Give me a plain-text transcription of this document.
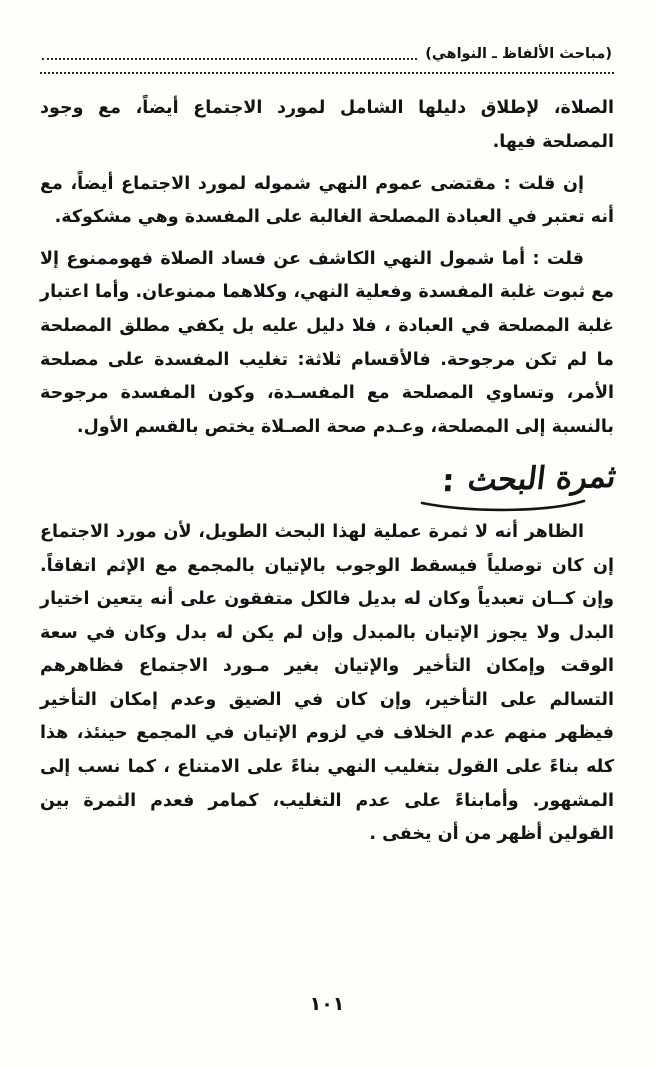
(مباحث الألفاظ ـ النواهي)

الصلاة، لإطلاق دليلها الشامل لمورد الاجتماع أيضاً، مع وجود المصلحة فيها.

إن قلت : مقتضى عموم النهي شموله لمورد الاجتماع أيضاً، مع أنه تعتبر في العبادة المصلحة الغالبة على المفسدة وهي مشكوكة.

قلت : أما شمول النهي الكاشف عن فساد الصلاة فهوممنوع إلا مع ثبوت غلبة المفسدة وفعلية النهي، وكلاهما ممنوعان. وأما اعتبار غلبة المصلحة في العبادة ، فلا دليل عليه بل يكفي مطلق المصلحة ما لم تكن مرجوحة. فالأقسام ثلاثة: تغليب المفسدة على مصلحة الأمر، وتساوي المصلحة مع المفسـدة، وكون المفسدة مرجوحة بالنسبة إلى المصلحة، وعـدم صحة الصـلاة يختص بالقسم الأول.

ثمرة البحث :

الظاهر أنه لا ثمرة عملية لهذا البحث الطويل، لأن مورد الاجتماع إن كان توصلياً فيسقط الوجوب بالإتيان بالمجمع مع الإثم اتفاقاً. وإن كــان تعبدياً وكان له بديل فالكل متفقون على أنه يتعين اختيار البدل ولا يجوز الإتيان بالمبدل وإن لم يكن له بدل وكان في سعة الوقت وإمكان التأخير والإتيان بغير مـورد الاجتماع فظاهرهم التسالم على التأخير، وإن كان في الضيق وعدم إمكان التأخير فيظهر منهم عدم الخلاف في لزوم الإتيان في المجمع حينئذ، هذا كله بناءً على القول بتغليب النهي بناءً على الامتناع ، كما نسب إلى المشهور. وأمابناءً على عدم التغليب، كمامر فعدم الثمرة بين القولين أظهر من أن يخفى .

١٠١
